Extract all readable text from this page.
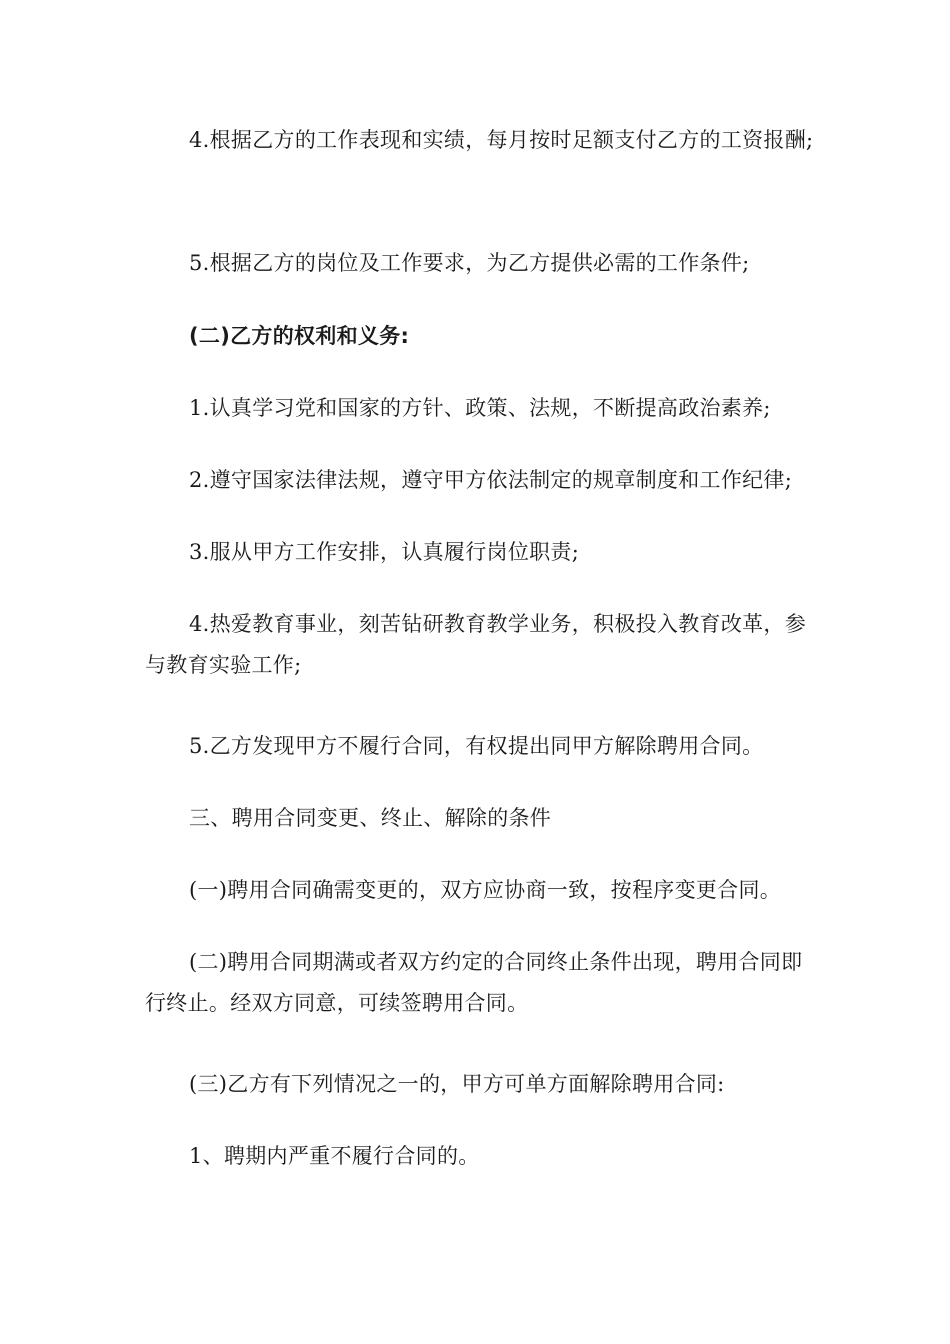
4.根据乙方的工作表现和实绩，每月按时足额支付乙方的工资报酬;

5.根据乙方的岗位及工作要求，为乙方提供必需的工作条件;

(二)乙方的权利和义务:

1.认真学习党和国家的方针、政策、法规，不断提高政治素养;

2.遵守国家法律法规，遵守甲方依法制定的规章制度和工作纪律;

3.服从甲方工作安排，认真履行岗位职责;

4.热爱教育事业，刻苦钻研教育教学业务，积极投入教育改革，参与教育实验工作;

5.乙方发现甲方不履行合同，有权提出同甲方解除聘用合同。

三、聘用合同变更、终止、解除的条件

(一)聘用合同确需变更的，双方应协商一致，按程序变更合同。

(二)聘用合同期满或者双方约定的合同终止条件出现，聘用合同即行终止。经双方同意，可续签聘用合同。

(三)乙方有下列情况之一的，甲方可单方面解除聘用合同:

1、聘期内严重不履行合同的。
